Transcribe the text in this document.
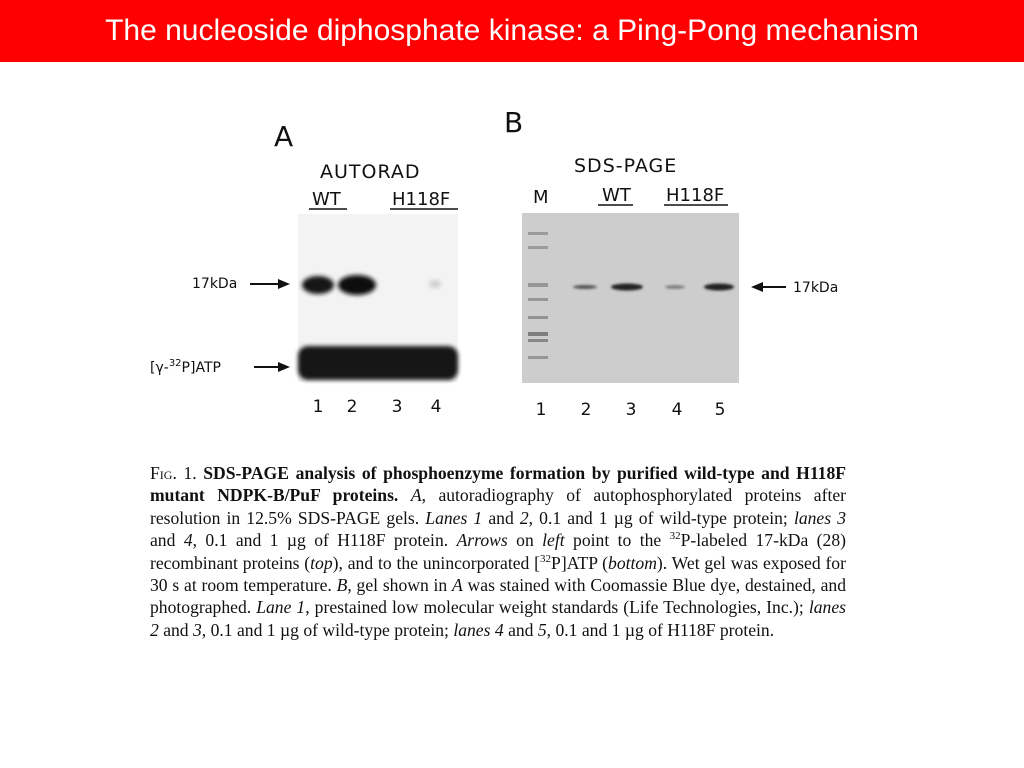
The nucleoside diphosphate kinase: a Ping-Pong mechanism
A
AUTORAD
WT	H118F
17kDa
[γ-$^{32}$P]ATP
1 2 3 4
B
SDS-PAGE
M	WT H118F
17kDa
1 2 3 4 5
Fig. 1. SDS-PAGE analysis of phosphoenzyme formation by purified wild-type and H118F mutant NDPK-B/PuF proteins. A, autoradiography of autophosphorylated proteins after resolution in 12.5% SDS-PAGE gels. Lanes 1 and 2, 0.1 and 1 µg of wild-type protein; lanes 3 and 4, 0.1 and 1 µg of H118F protein. Arrows on left point to the $^{32}$P-labeled 17-kDa (28) recombinant proteins (top), and to the unincorporated [$^{32}$P]ATP (bottom). Wet gel was exposed for 30 s at room temperature. B, gel shown in A was stained with Coomassie Blue dye, destained, and photographed. Lane 1, prestained low molecular weight standards (Life Technologies, Inc.); lanes 2 and 3, 0.1 and 1 µg of wild-type protein; lanes 4 and 5, 0.1 and 1 µg of H118F protein.
